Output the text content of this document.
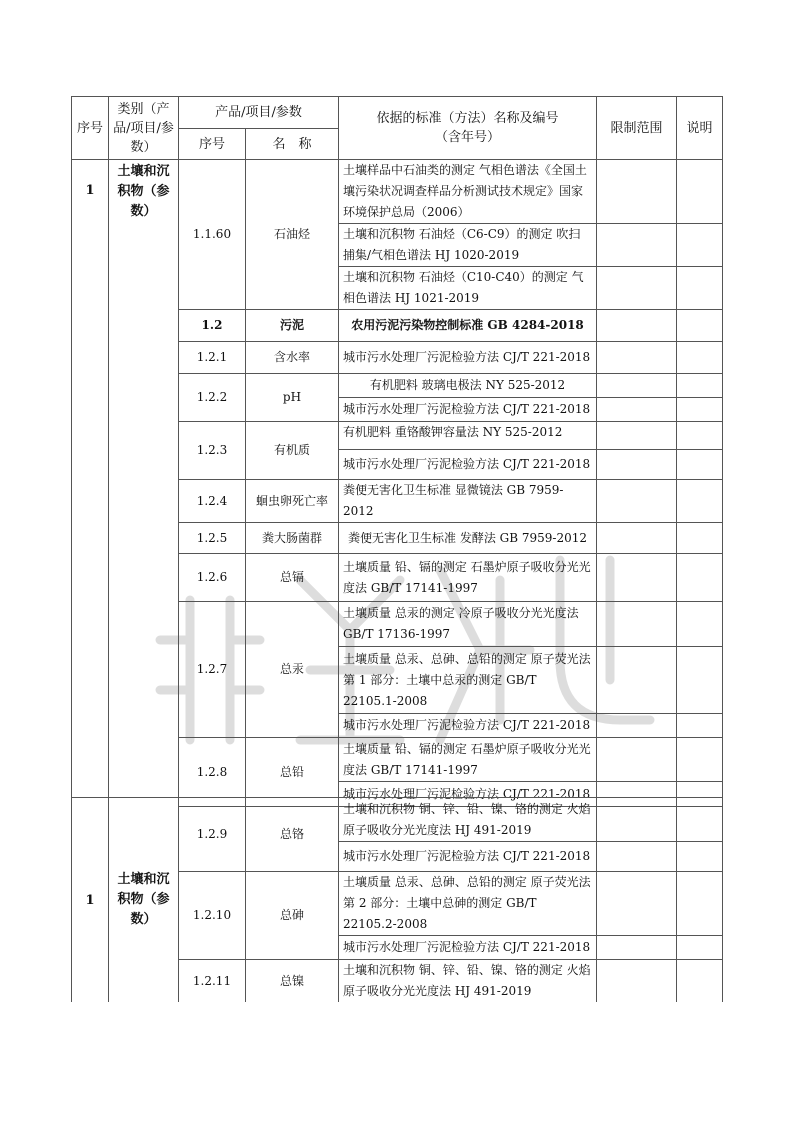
序号	类别（产品/项目/参数）	产品/项目/参数		依据的标准（方法）名称及编号（含年号）	限制范围	说明
		序号	名　称			
1	土壤和沉积物（参数）	1.1.60	石油烃	土壤样品中石油类的测定 气相色谱法《全国土壤污染状况调查样品分析测试技术规定》国家环境保护总局（2006）		
				土壤和沉积物 石油烃（C6-C9）的测定 吹扫捕集/气相色谱法 HJ 1020-2019		
				土壤和沉积物 石油烃（C10-C40）的测定 气相色谱法 HJ 1021-2019		
		1.2	污泥	农用污泥污染物控制标准 GB 4284-2018		
		1.2.1	含水率	城市污水处理厂污泥检验方法 CJ/T 221-2018		
		1.2.2	pH	有机肥料 玻璃电极法 NY 525-2012		
				城市污水处理厂污泥检验方法 CJ/T 221-2018		
		1.2.3	有机质	有机肥料 重铬酸钾容量法 NY 525-2012		
				城市污水处理厂污泥检验方法 CJ/T 221-2018		
		1.2.4	蛔虫卵死亡率	粪便无害化卫生标准 显微镜法 GB 7959-2012		
		1.2.5	粪大肠菌群	粪便无害化卫生标准 发酵法 GB 7959-2012		
		1.2.6	总镉	土壤质量 铅、镉的测定 石墨炉原子吸收分光光度法 GB/T 17141-1997		
		1.2.7	总汞	土壤质量 总汞的测定 冷原子吸收分光光度法 GB/T 17136-1997		
				土壤质量 总汞、总砷、总铅的测定 原子荧光法 第 1 部分：土壤中总汞的测定 GB/T 22105.1-2008		
				城市污水处理厂污泥检验方法 CJ/T 221-2018		
		1.2.8	总铅	土壤质量 铅、镉的测定 石墨炉原子吸收分光光度法 GB/T 17141-1997		
				城市污水处理厂污泥检验方法 CJ/T 221-2018		
1	土壤和沉积物（参数）	1.2.9	总铬	土壤和沉积物 铜、锌、铅、镍、铬的测定 火焰原子吸收分光光度法 HJ 491-2019		
				城市污水处理厂污泥检验方法 CJ/T 221-2018		
		1.2.10	总砷	土壤质量 总汞、总砷、总铅的测定 原子荧光法 第 2 部分：土壤中总砷的测定 GB/T 22105.2-2008		
				城市污水处理厂污泥检验方法 CJ/T 221-2018		
		1.2.11	总镍	土壤和沉积物 铜、锌、铅、镍、铬的测定 火焰原子吸收分光光度法 HJ 491-2019		
